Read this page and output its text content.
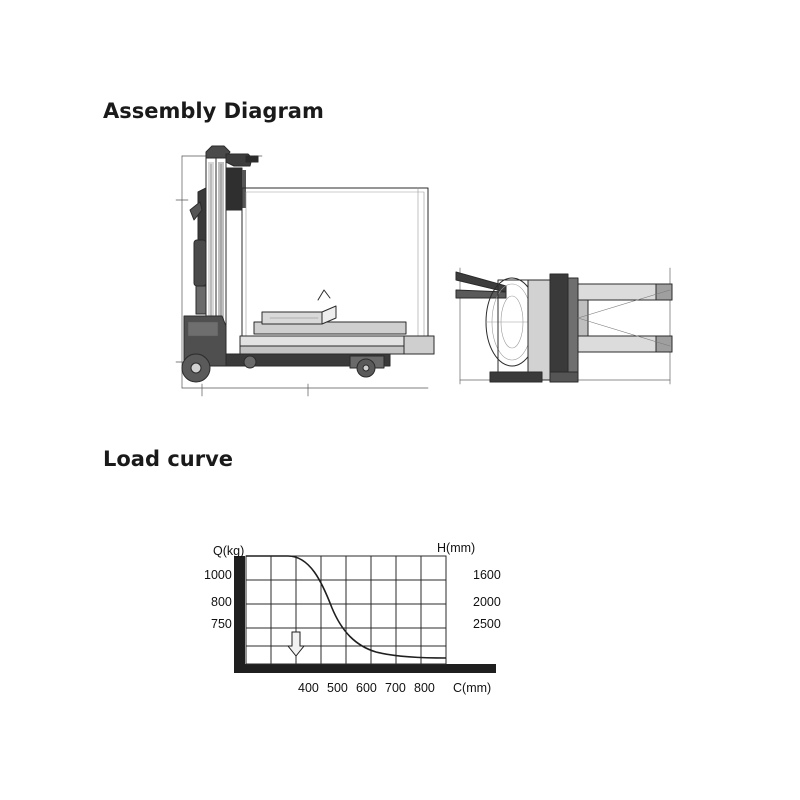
Assembly Diagram
Load curve
Q(kg)	H(mm)
C(mm)
1000
800
750
1600
2000
2500
400 500 600 700 800
